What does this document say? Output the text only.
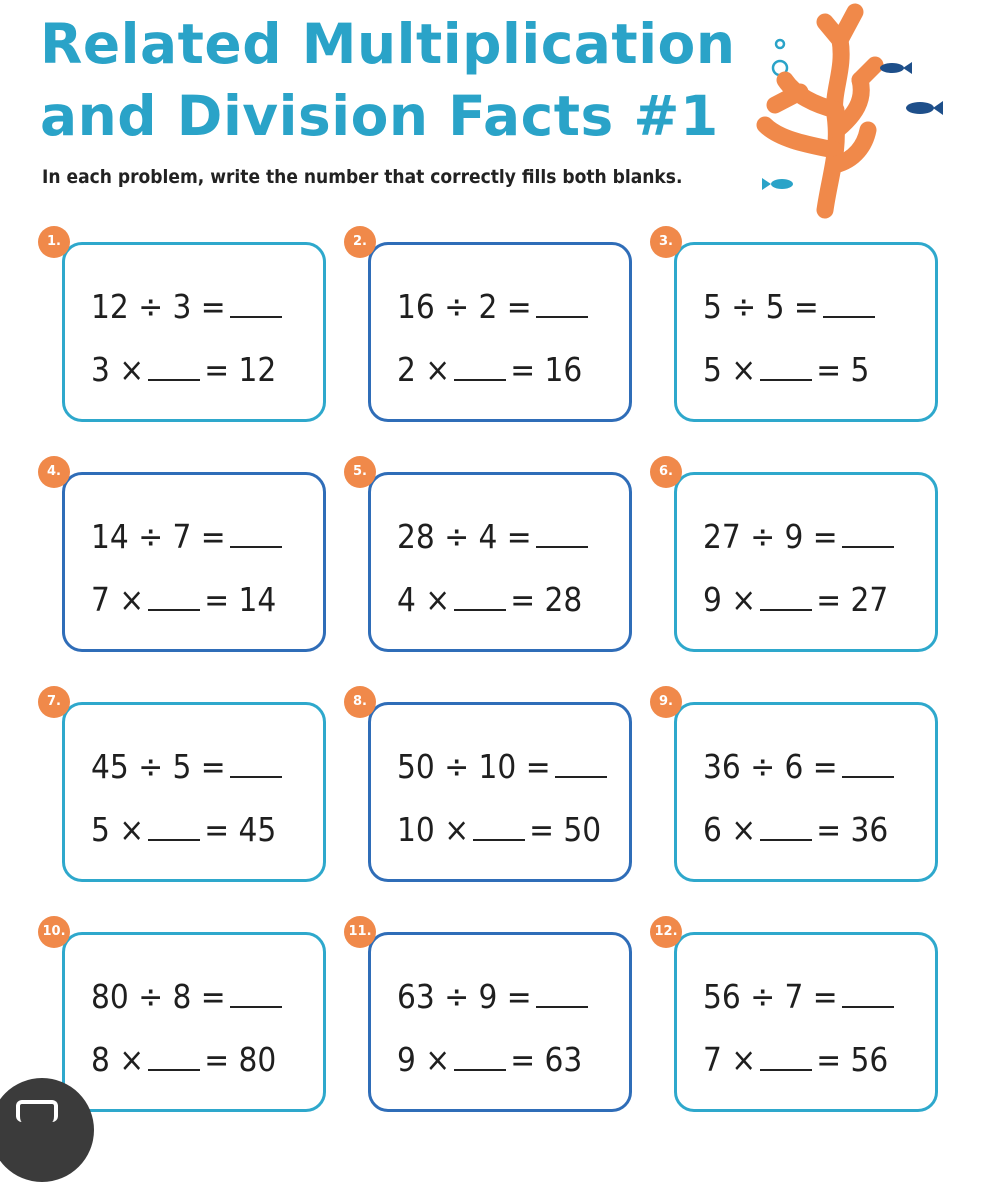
Related Multiplication
and Division Facts #1
In each problem, write the number that correctly fills both blanks.
12 ÷ 3 =
3 × = 12
1.
16 ÷ 2 =
2 × = 16
2.
5 ÷ 5 =
5 × = 5
3.
14 ÷ 7 =
7 × = 14
4.
28 ÷ 4 =
4 × = 28
5.
27 ÷ 9 =
9 × = 27
6.
45 ÷ 5 =
5 × = 45
7.
50 ÷ 10 =
10 × = 50
8.
36 ÷ 6 =
6 × = 36
9.
80 ÷ 8 =
8 × = 80
10.
63 ÷ 9 =
9 × = 63
11.
56 ÷ 7 =
7 × = 56
12.
